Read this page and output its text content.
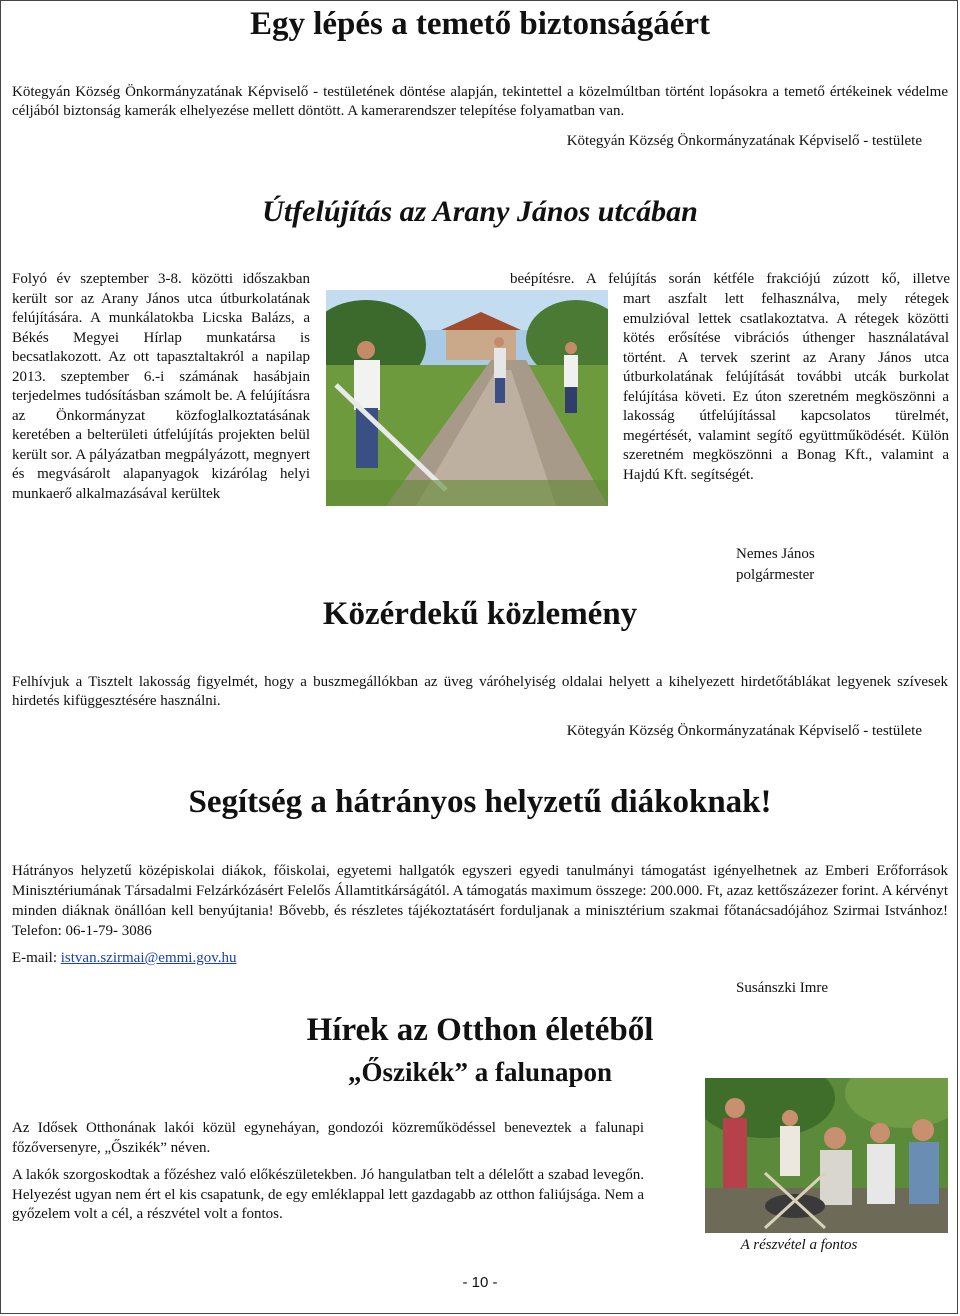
Egy lépés a temető biztonságáért
Kötegyán Község Önkormányzatának Képviselő - testületének döntése alapján, tekintettel a közelmúltban történt lopásokra a temető értékeinek védelme céljából biztonság kamerák elhelyezése mellett döntött. A kamerarendszer telepítése folyamatban van.
Kötegyán Község Önkormányzatának Képviselő - testülete
Útfelújítás az Arany János utcában
Folyó év szeptember 3-8. közötti időszakban került sor az Arany János utca útburkolatának felújítására. A munkálatokba Licska Balázs, a Békés Megyei Hírlap munkatársa is becsatlakozott. Az ott tapasztaltakról a napilap 2013. szeptember 6.-i számának hasábjain terjedelmes tudósításban számolt be. A felújításra az Önkormányzat közfoglalkoztatásának keretében a belterületi útfelújítás projekten belül került sor. A pályázatban megpályázott, megnyert és megvásárolt alapanyagok kizárólag helyi munkaerő alkalmazásával kerültek
beépítésre. A felújítás során kétféle frakciójú zúzott kő, illetve
mart aszfalt lett felhasználva, mely rétegek emulzióval lettek csatlakoztatva. A rétegek közötti kötés erősítése vibrációs úthenger használatával történt. A tervek szerint az Arany János utca útburkolatának felújítását további utcák burkolat felújítása követi. Ez úton szeretném megköszönni a lakosság útfelújítással kapcsolatos türelmét, megértését, valamint segítő együttműködését. Külön szeretném megköszönni a Bonag Kft., valamint a Hajdú Kft. segítségét.
Nemes János
polgármester
Közérdekű közlemény
Felhívjuk a Tisztelt lakosság figyelmét, hogy a buszmegállókban az üveg váróhelyiség oldalai helyett a kihelyezett hirdetőtáblákat legyenek szívesek hirdetés kifüggesztésére használni.
Kötegyán Község Önkormányzatának Képviselő - testülete
Segítség a hátrányos helyzetű diákoknak!
Hátrányos helyzetű középiskolai diákok, főiskolai, egyetemi hallgatók egyszeri egyedi tanulmányi támogatást igényelhetnek az Emberi Erőforrások Minisztériumának Társadalmi Felzárkózásért Felelős Államtitkárságától. A támogatás maximum összege: 200.000. Ft, azaz kettőszázezer forint. A kérvényt minden diáknak önállóan kell benyújtania! Bővebb, és részletes tájékoztatásért forduljanak a minisztérium szakmai főtanácsadójához Szirmai Istvánhoz! Telefon: 06-1-79- 3086
E-mail: istvan.szirmai@emmi.gov.hu
Susánszki Imre
Hírek az Otthon életéből
„Őszikék” a falunapon

Az Idősek Otthonának lakói közül egyneháyan, gondozói közreműködéssel beneveztek a falunapi főzőversenyre, „Őszikék” néven.

A lakók szorgoskodtak a főzéshez való előkészületekben. Jó hangulatban telt a délelőtt a szabad levegőn. Helyezést ugyan nem ért el kis csapatunk, de egy emléklappal lett gazdagabb az otthon faliújsága. Nem a győzelem volt a cél, a részvétel volt a fontos.

A részvétel a fontos
- 10 -
